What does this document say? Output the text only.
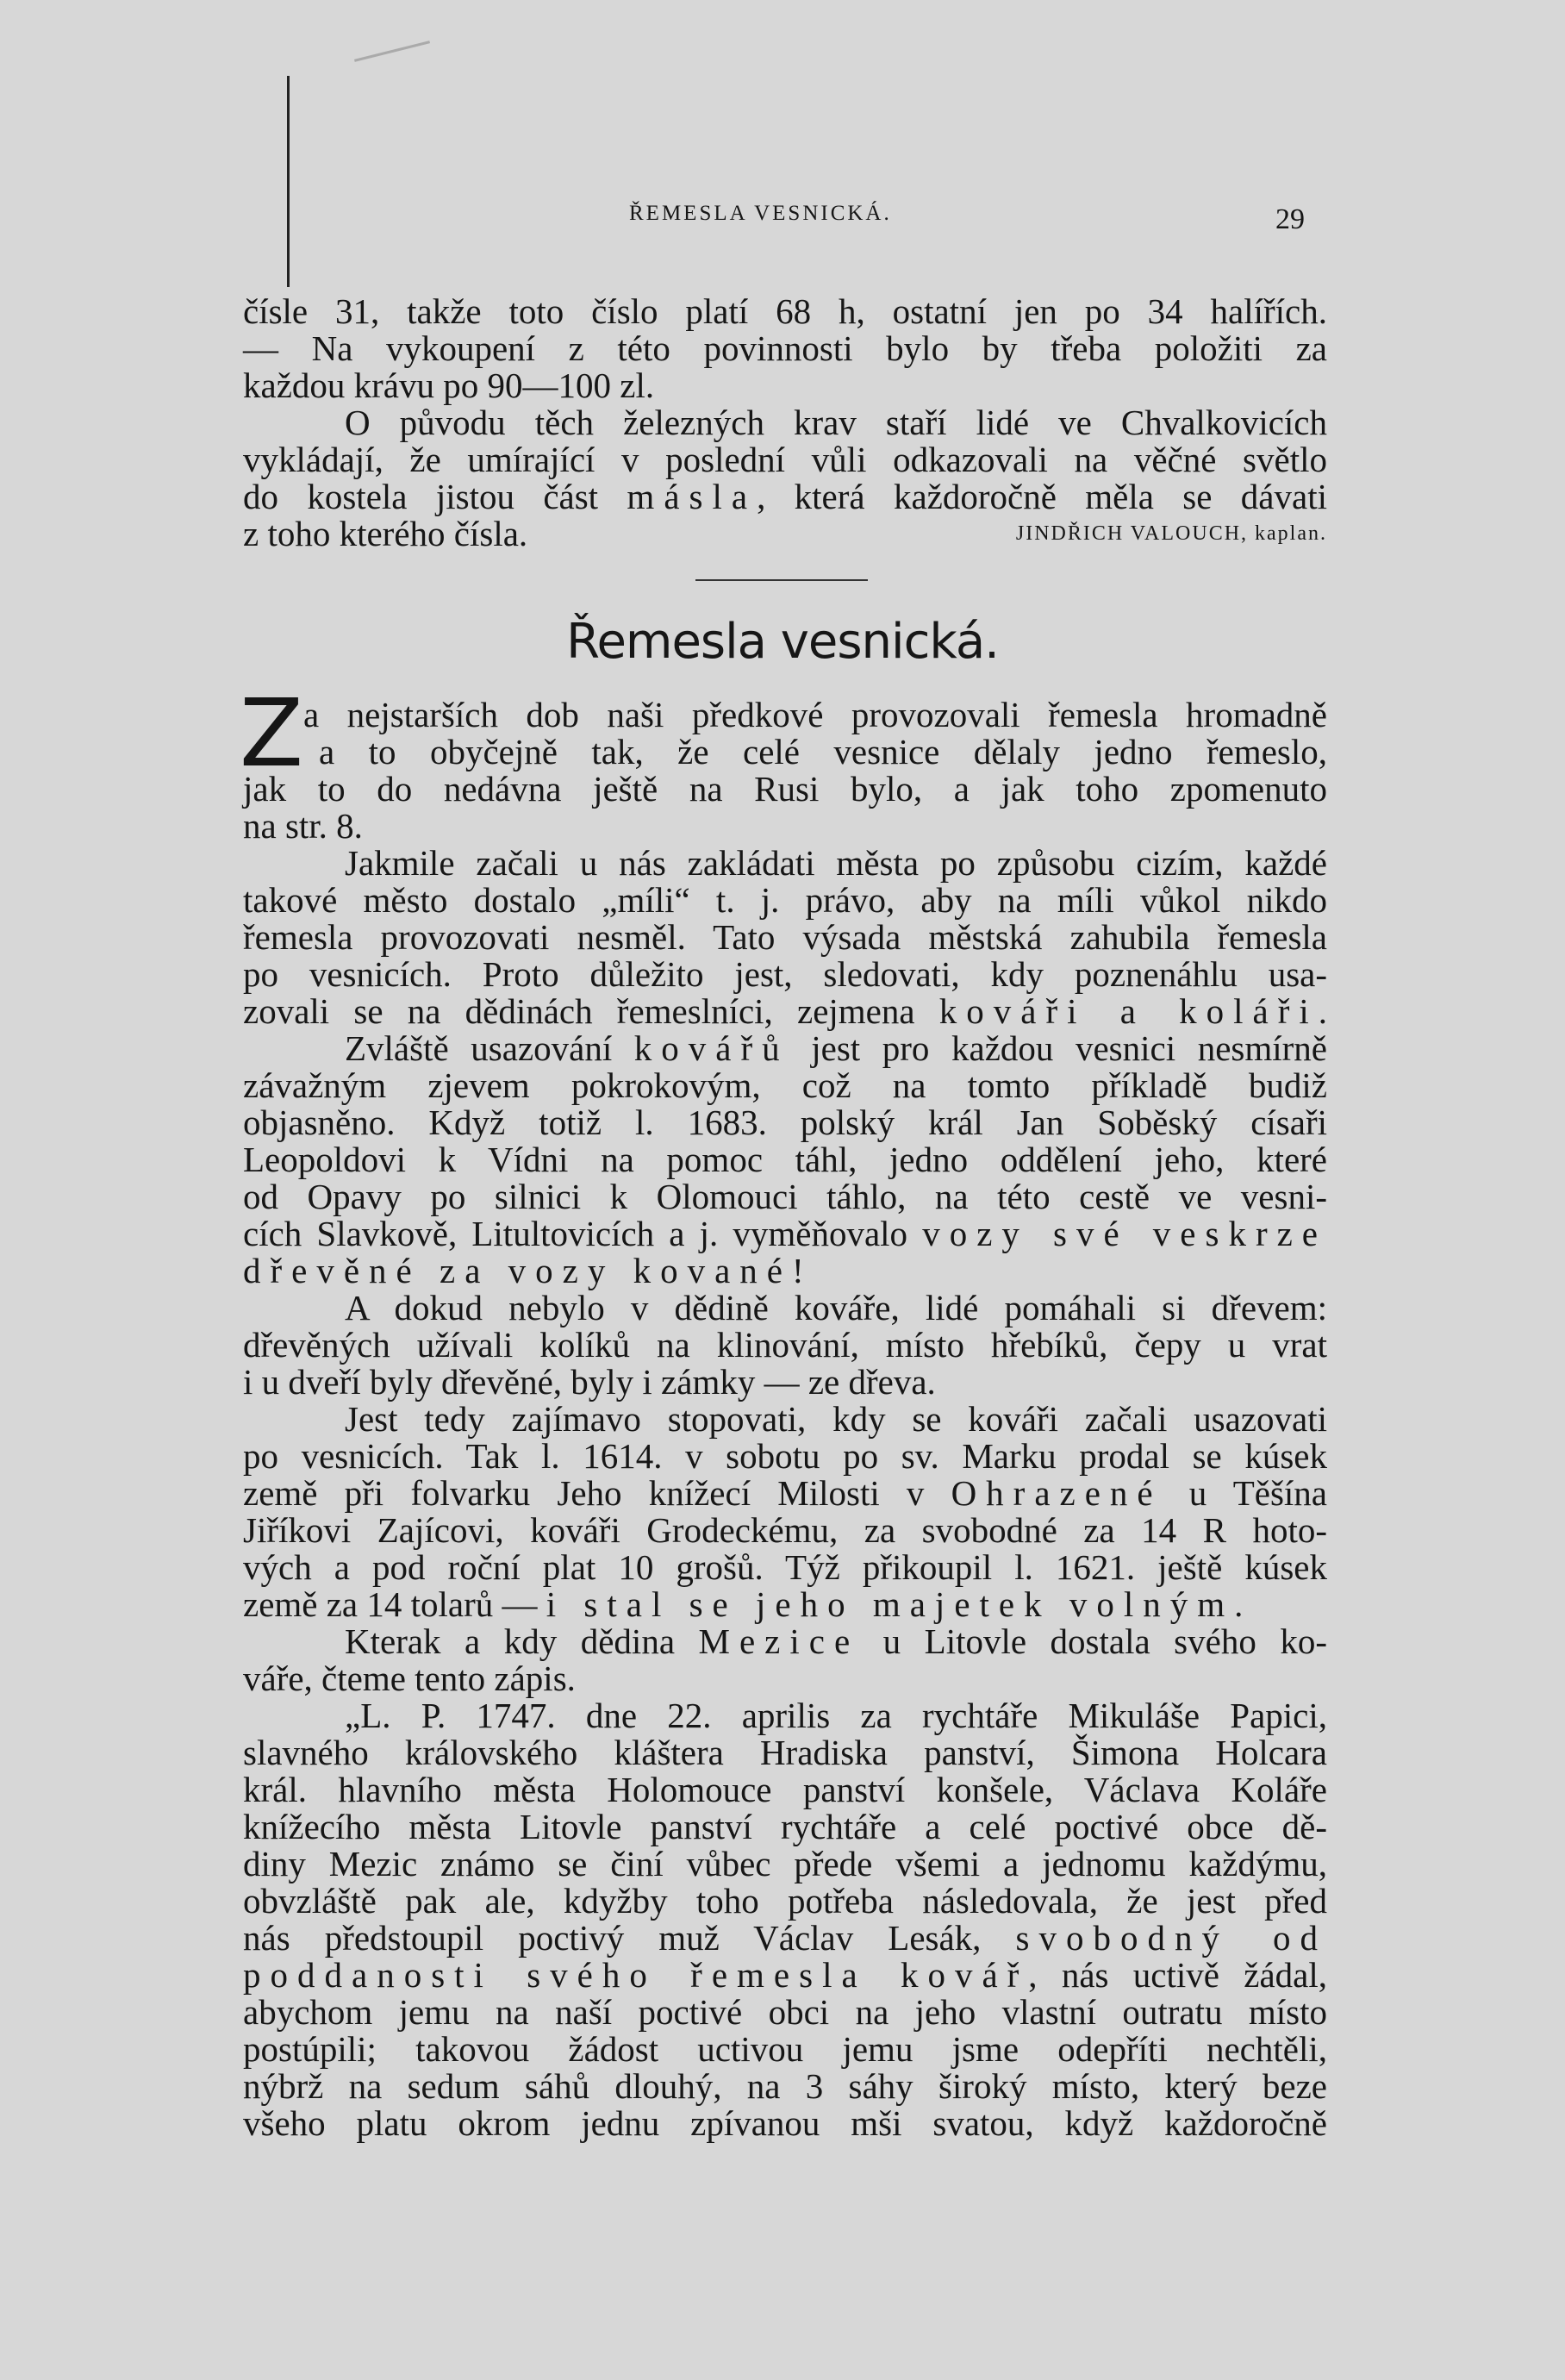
ŘEMESLA VESNICKÁ.	29
čísle 31, takže toto číslo platí 68 h, ostatní jen po 34 halířích.
— Na vykoupení z této povinnosti bylo by třeba položiti za
každou krávu po 90—100 zl.
O původu těch železných krav staří lidé ve Chvalkovicích
vykládají, že umírající v poslední vůli odkazovali na věčné světlo
do kostela jistou část másla, která každoročně měla se dávati
z toho kterého čísla.	JINDŘICH VALOUCH, kaplan.
Řemesla vesnická.
Z a nejstarších dob naši předkové provozovali řemesla hromadně
a to obyčejně tak, že celé vesnice dělaly jedno řemeslo,
jak to do nedávna ještě na Rusi bylo, a jak toho zpomenuto
na str. 8.
Jakmile začali u nás zakládati města po způsobu cizím, každé
takové město dostalo „míli“ t. j. právo, aby na míli vůkol nikdo
řemesla provozovati nesměl. Tato výsada městská zahubila řemesla
po vesnicích. Proto důležito jest, sledovati, kdy poznenáhlu usa-
zovali se na dědinách řemeslníci, zejmena kováři a koláři.
Zvláště usazování kovářů jest pro každou vesnici nesmírně
závažným zjevem pokrokovým, což na tomto příkladě budiž
objasněno. Když totiž l. 1683. polský král Jan Soběský císaři
Leopoldovi k Vídni na pomoc táhl, jedno oddělení jeho, které
od Opavy po silnici k Olomouci táhlo, na této cestě ve vesni-
cích Slavkově, Litultovicích a j. vyměňovalo vozy své veskrze
dřevěné za vozy kované!
A dokud nebylo v dědině kováře, lidé pomáhali si dřevem:
dřevěných užívali kolíků na klinování, místo hřebíků, čepy u vrat
i u dveří byly dřevěné, byly i zámky — ze dřeva.
Jest tedy zajímavo stopovati, kdy se kováři začali usazovati
po vesnicích. Tak l. 1614. v sobotu po sv. Marku prodal se kúsek
země při folvarku Jeho knížecí Milosti v Ohrazené u Těšína
Jiříkovi Zajícovi, kováři Grodeckému, za svobodné za 14 R hoto-
vých a pod roční plat 10 grošů. Týž přikoupil l. 1621. ještě kúsek
země za 14 tolarů — i stal se jeho majetek volným.
Kterak a kdy dědina Mezice u Litovle dostala svého ko-
váře, čteme tento zápis.
„L. P. 1747. dne 22. aprilis za rychtáře Mikuláše Papici,
slavného královského kláštera Hradiska panství, Šimona Holcara
král. hlavního města Holomouce panství konšele, Václava Koláře
knížecího města Litovle panství rychtáře a celé poctivé obce dě-
diny Mezic známo se činí vůbec přede všemi a jednomu každýmu,
obvzláště pak ale, kdyžby toho potřeba následovala, že jest před
nás předstoupil poctivý muž Václav Lesák, svobodný od
poddanosti svého řemesla kovář, nás uctivě žádal,
abychom jemu na naší poctivé obci na jeho vlastní outratu místo
postúpili; takovou žádost uctivou jemu jsme odepříti nechtěli,
nýbrž na sedum sáhů dlouhý, na 3 sáhy široký místo, který beze
všeho platu okrom jednu zpívanou mši svatou, když každoročně
